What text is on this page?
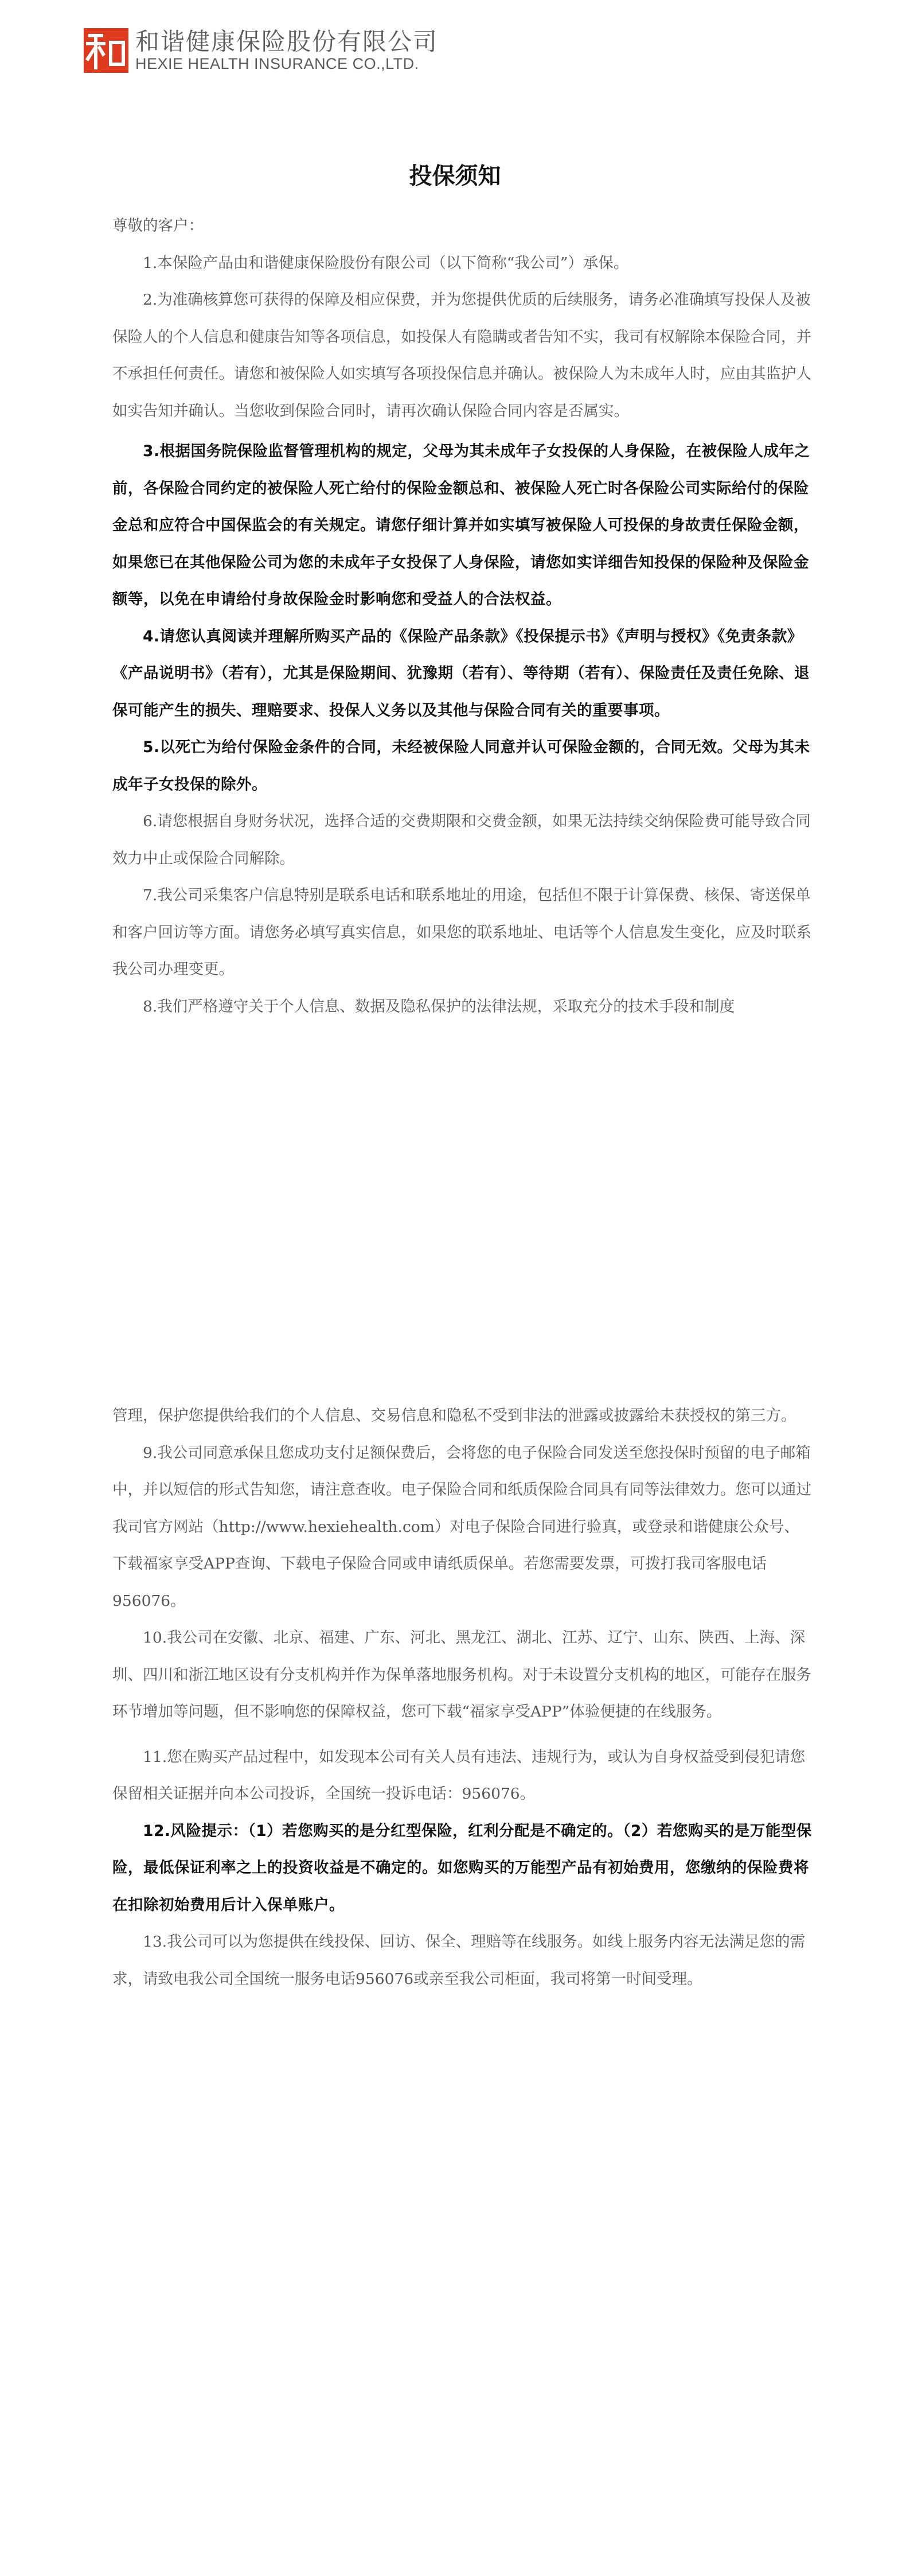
和谐健康保险股份有限公司
HEXIE HEALTH INSURANCE CO.,LTD.
投保须知

尊敬的客户：

1.本保险产品由和谐健康保险股份有限公司（以下简称“我公司”）承保。

2.为准确核算您可获得的保障及相应保费，并为您提供优质的后续服务，请务必准确填写投保人及被保险人的个人信息和健康告知等各项信息，如投保人有隐瞒或者告知不实，我司有权解除本保险合同，并不承担任何责任。请您和被保险人如实填写各项投保信息并确认。被保险人为未成年人时，应由其监护人如实告知并确认。当您收到保险合同时，请再次确认保险合同内容是否属实。

3.根据国务院保险监督管理机构的规定，父母为其未成年子女投保的人身保险，在被保险人成年之前，各保险合同约定的被保险人死亡给付的保险金额总和、被保险人死亡时各保险公司实际给付的保险金总和应符合中国保监会的有关规定。请您仔细计算并如实填写被保险人可投保的身故责任保险金额，如果您已在其他保险公司为您的未成年子女投保了人身保险，请您如实详细告知投保的保险种及保险金额等，以免在申请给付身故保险金时影响您和受益人的合法权益。

4.请您认真阅读并理解所购买产品的《保险产品条款》《投保提示书》《声明与授权》《免责条款》《产品说明书》（若有），尤其是保险期间、犹豫期（若有）、等待期（若有）、保险责任及责任免除、退保可能产生的损失、理赔要求、投保人义务以及其他与保险合同有关的重要事项。

5.以死亡为给付保险金条件的合同，未经被保险人同意并认可保险金额的，合同无效。父母为其未成年子女投保的除外。

6.请您根据自身财务状况，选择合适的交费期限和交费金额，如果无法持续交纳保险费可能导致合同效力中止或保险合同解除。

7.我公司采集客户信息特别是联系电话和联系地址的用途，包括但不限于计算保费、核保、寄送保单和客户回访等方面。请您务必填写真实信息，如果您的联系地址、电话等个人信息发生变化，应及时联系我公司办理变更。

8.我们严格遵守关于个人信息、数据及隐私保护的法律法规，采取充分的技术手段和制度

管理，保护您提供给我们的个人信息、交易信息和隐私不受到非法的泄露或披露给未获授权的第三方。

9.我公司同意承保且您成功支付足额保费后，会将您的电子保险合同发送至您投保时预留的电子邮箱中，并以短信的形式告知您，请注意查收。电子保险合同和纸质保险合同具有同等法律效力。您可以通过我司官方网站（http://www.hexiehealth.com）对电子保险合同进行验真，或登录和谐健康公众号、下载福家享受APP查询、下载电子保险合同或申请纸质保单。若您需要发票，可拨打我司客服电话956076。

10.我公司在安徽、北京、福建、广东、河北、黑龙江、湖北、江苏、辽宁、山东、陕西、上海、深圳、四川和浙江地区设有分支机构并作为保单落地服务机构。对于未设置分支机构的地区，可能存在服务环节增加等问题，但不影响您的保障权益，您可下载“福家享受APP”体验便捷的在线服务。

11.您在购买产品过程中，如发现本公司有关人员有违法、违规行为，或认为自身权益受到侵犯请您保留相关证据并向本公司投诉，全国统一投诉电话：956076。

12.风险提示：（1）若您购买的是分红型保险，红利分配是不确定的。（2）若您购买的是万能型保险，最低保证利率之上的投资收益是不确定的。如您购买的万能型产品有初始费用，您缴纳的保险费将在扣除初始费用后计入保单账户。

13.我公司可以为您提供在线投保、回访、保全、理赔等在线服务。如线上服务内容无法满足您的需求，请致电我公司全国统一服务电话956076或亲至我公司柜面，我司将第一时间受理。
